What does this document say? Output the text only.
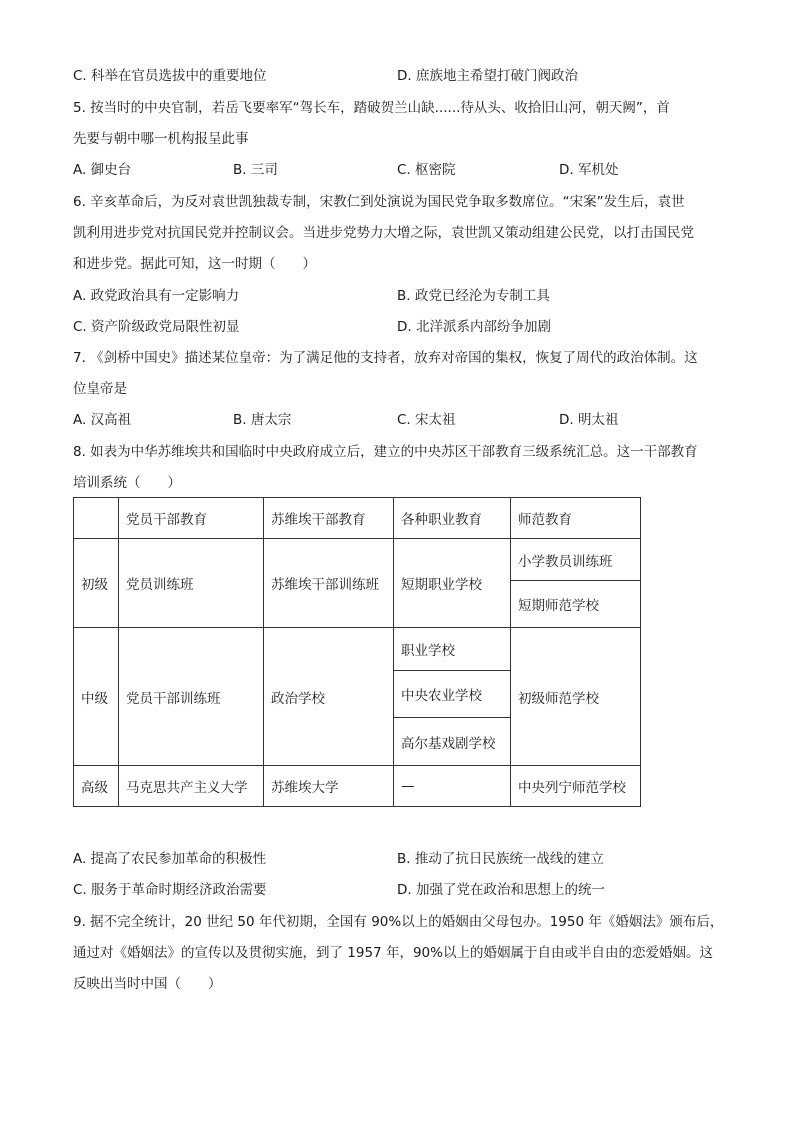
C. 科举在官员选拔中的重要地位	D. 庶族地主希望打破门阀政治
5. 按当时的中央官制，若岳飞要率军“驾长车，踏破贺兰山缺......待从头、收拾旧山河，朝天阙”，首
先要与朝中哪一机构报呈此事
A. 御史台	B. 三司	C. 枢密院	D. 军机处
6. 辛亥革命后，为反对袁世凯独裁专制，宋教仁到处演说为国民党争取多数席位。“宋案”发生后，袁世
凯利用进步党对抗国民党并控制议会。当进步党势力大增之际，袁世凯又策动组建公民党，以打击国民党
和进步党。据此可知，这一时期（　　）
A. 政党政治具有一定影响力	B. 政党已经沦为专制工具
C. 资产阶级政党局限性初显	D. 北洋派系内部纷争加剧
7. 《剑桥中国史》描述某位皇帝：为了满足他的支持者，放弃对帝国的集权，恢复了周代的政治体制。这
位皇帝是
A. 汉高祖	B. 唐太宗	C. 宋太祖	D. 明太祖
8. 如表为中华苏维埃共和国临时中央政府成立后，建立的中央苏区干部教育三级系统汇总。这一干部教育
培训系统（　　）
	党员干部教育	苏维埃干部教育	各种职业教育	师范教育
初级	党员训练班	苏维埃干部训练班	短期职业学校	小学教员训练班
				短期师范学校
中级	党员干部训练班	政治学校	职业学校	初级师范学校
			中央农业学校	
			高尔基戏剧学校	
高级	马克思共产主义大学	苏维埃大学	—	中央列宁师范学校
A. 提高了农民参加革命的积极性	B. 推动了抗日民族统一战线的建立
C. 服务于革命时期经济政治需要	D. 加强了党在政治和思想上的统一
9. 据不完全统计，20 世纪 50 年代初期，全国有 90%以上的婚姻由父母包办。1950 年《婚姻法》颁布后，
通过对《婚姻法》的宣传以及贯彻实施，到了 1957 年，90%以上的婚姻属于自由或半自由的恋爱婚姻。这
反映出当时中国（　　）
